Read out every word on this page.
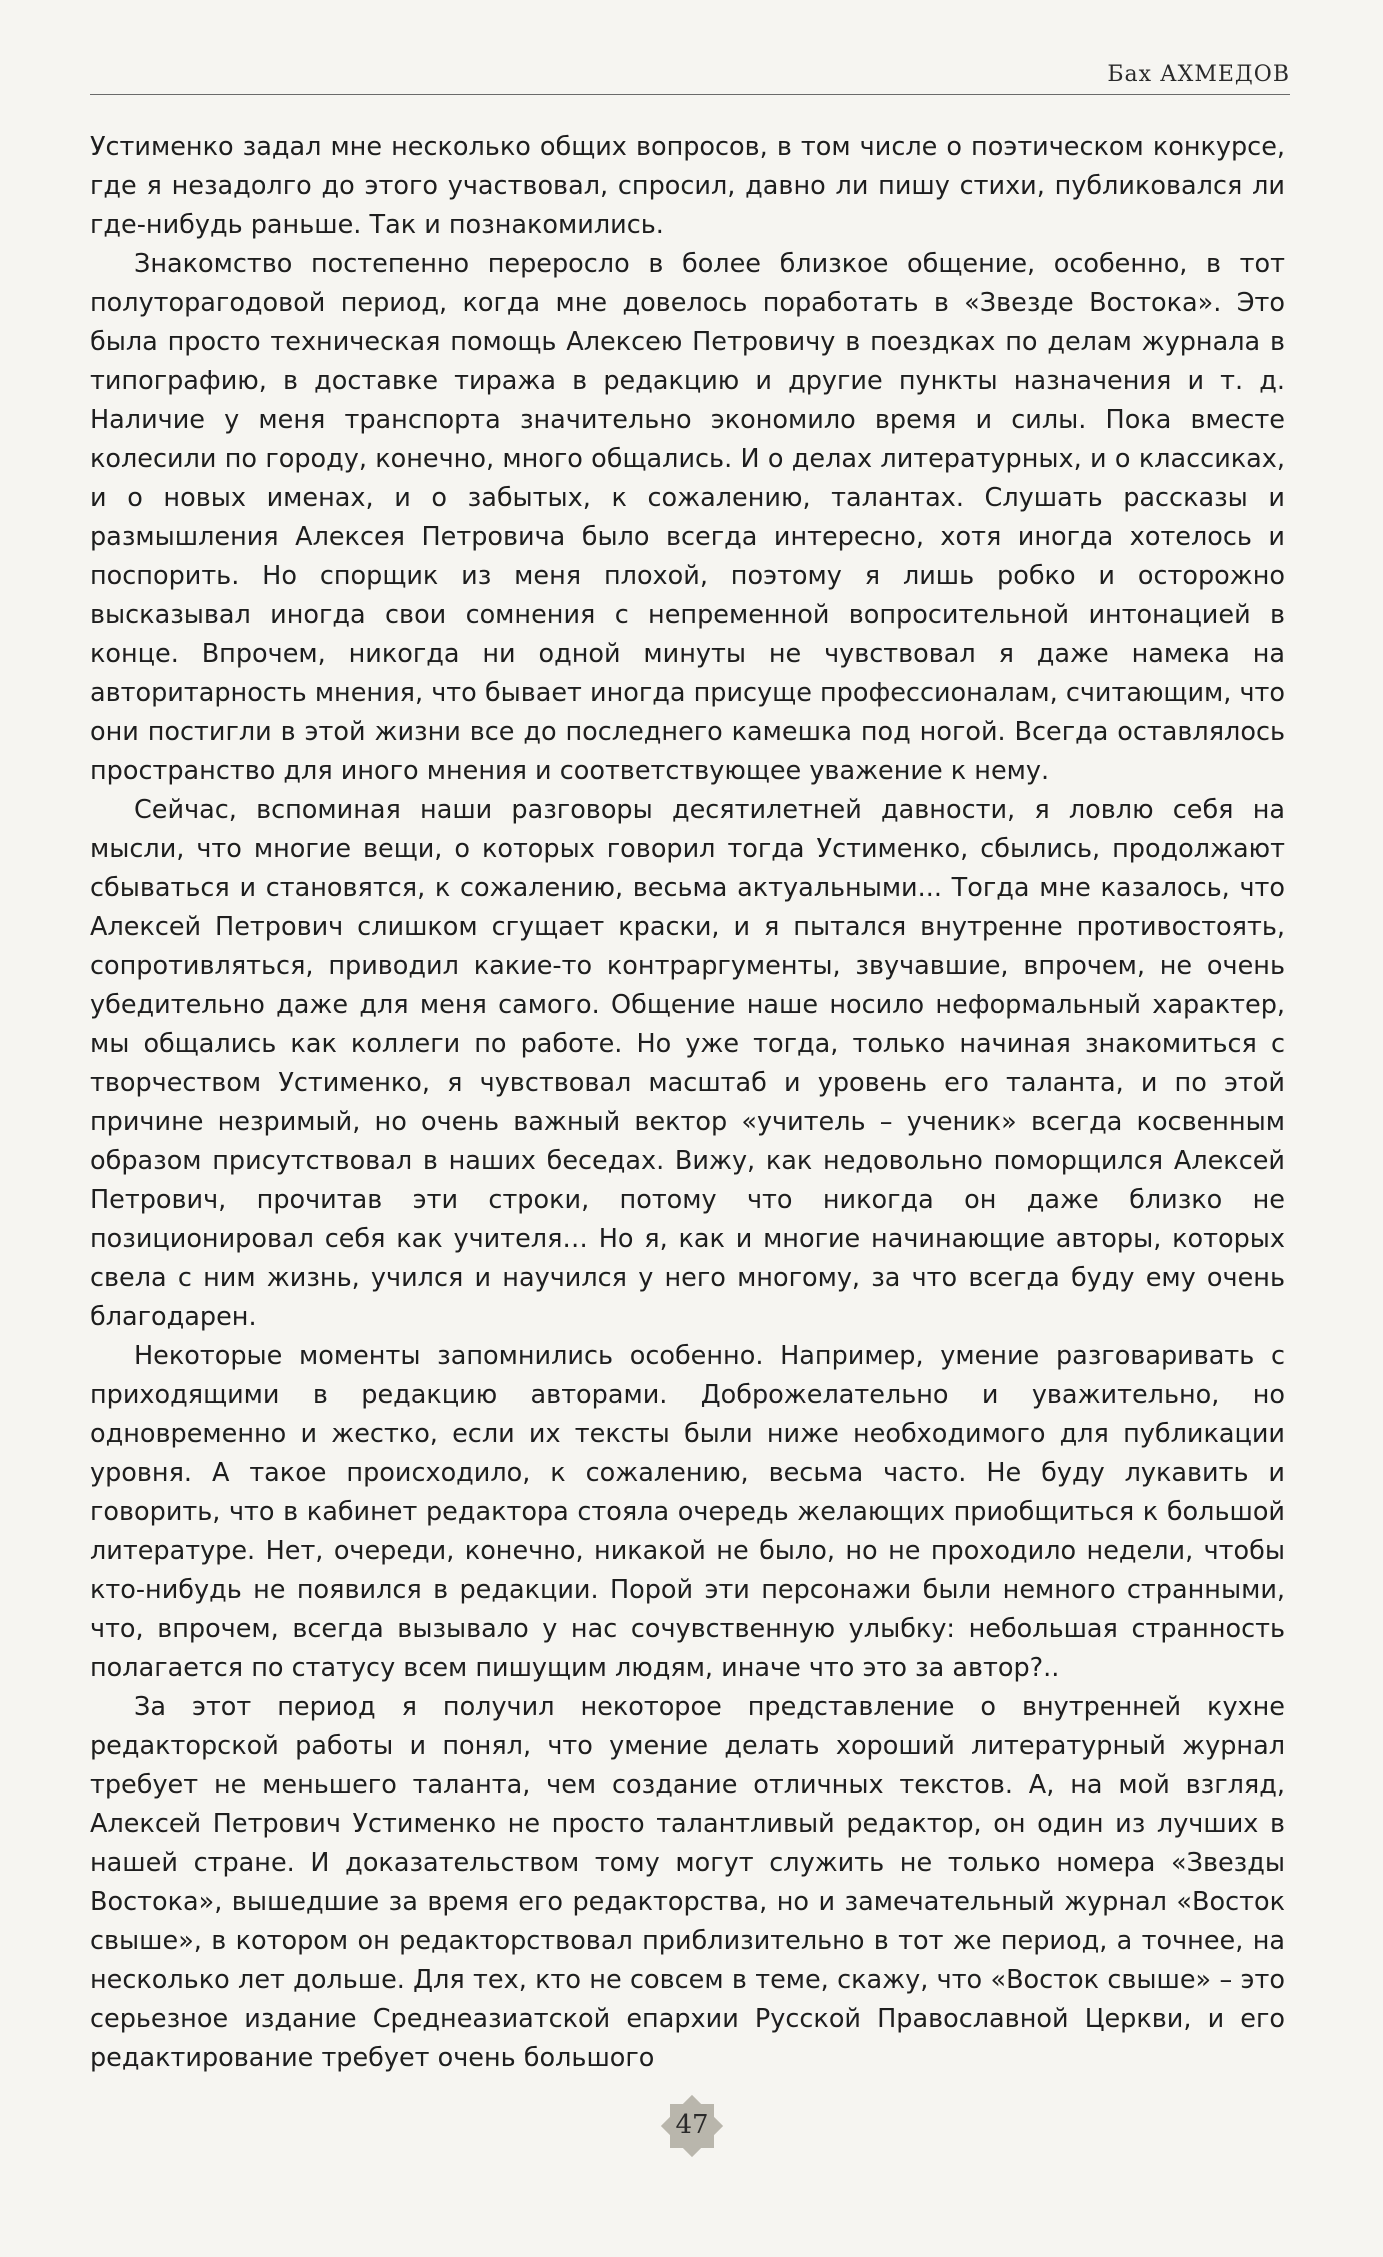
Бах АХМЕДОВ

Устименко задал мне несколько общих вопросов, в том числе о поэтическом конкурсе, где я незадолго до этого участвовал, спросил, давно ли пишу стихи, публиковался ли где-нибудь раньше. Так и познакомились.

Знакомство постепенно переросло в более близкое общение, особенно, в тот полуторагодовой период, когда мне довелось поработать в «Звезде Востока». Это была просто техническая помощь Алексею Петровичу в поездках по делам журнала в типографию, в доставке тиража в редакцию и другие пункты назначения и т. д. Наличие у меня транспорта значительно экономило время и силы. Пока вместе колесили по городу, конечно, много общались. И о делах литературных, и о классиках, и о новых именах, и о забытых, к сожалению, талантах. Слушать рассказы и размышления Алексея Петровича было всегда интересно, хотя иногда хотелось и поспорить. Но спорщик из меня плохой, поэтому я лишь робко и осторожно высказывал иногда свои сомнения с непременной вопросительной интонацией в конце. Впрочем, никогда ни одной минуты не чувствовал я даже намека на авторитарность мнения, что бывает иногда присуще профессионалам, считающим, что они постигли в этой жизни все до последнего камешка под ногой. Всегда оставлялось пространство для иного мнения и соответствующее уважение к нему.

Сейчас, вспоминая наши разговоры десятилетней давности, я ловлю себя на мысли, что многие вещи, о которых говорил тогда Устименко, сбылись, продолжают сбываться и становятся, к сожалению, весьма актуальными... Тогда мне казалось, что Алексей Петрович слишком сгущает краски, и я пытался внутренне противостоять, сопротивляться, приводил какие-то контраргументы, звучавшие, впрочем, не очень убедительно даже для меня самого. Общение наше носило неформальный характер, мы общались как коллеги по работе. Но уже тогда, только начиная знакомиться с творчеством Устименко, я чувствовал масштаб и уровень его таланта, и по этой причине незримый, но очень важный вектор «учитель – ученик» всегда косвенным образом присутствовал в наших беседах. Вижу, как недовольно поморщился Алексей Петрович, прочитав эти строки, потому что никогда он даже близко не позиционировал себя как учителя… Но я, как и многие начинающие авторы, которых свела с ним жизнь, учился и научился у него многому, за что всегда буду ему очень благодарен.

Некоторые моменты запомнились особенно. Например, умение разговаривать с приходящими в редакцию авторами. Доброжелательно и уважительно, но одновременно и жестко, если их тексты были ниже необходимого для публикации уровня. А такое происходило, к сожалению, весьма часто. Не буду лукавить и говорить, что в кабинет редактора стояла очередь желающих приобщиться к большой литературе. Нет, очереди, конечно, никакой не было, но не проходило недели, чтобы кто-нибудь не появился в редакции. Порой эти персонажи были немного странными, что, впрочем, всегда вызывало у нас сочувственную улыбку: небольшая странность полагается по статусу всем пишущим людям, иначе что это за автор?..

За этот период я получил некоторое представление о внутренней кухне редакторской работы и понял, что умение делать хороший литературный журнал требует не меньшего таланта, чем создание отличных текстов. А, на мой взгляд, Алексей Петрович Устименко не просто талантливый редактор, он один из лучших в нашей стране. И доказательством тому могут служить не только номера «Звезды Востока», вышедшие за время его редакторства, но и замечательный журнал «Восток свыше», в котором он редакторствовал приблизительно в тот же период, а точнее, на несколько лет дольше. Для тех, кто не совсем в теме, скажу, что «Восток свыше» – это серьезное издание Среднеазиатской епархии Русской Православной Церкви, и его редактирование требует очень большого

47
